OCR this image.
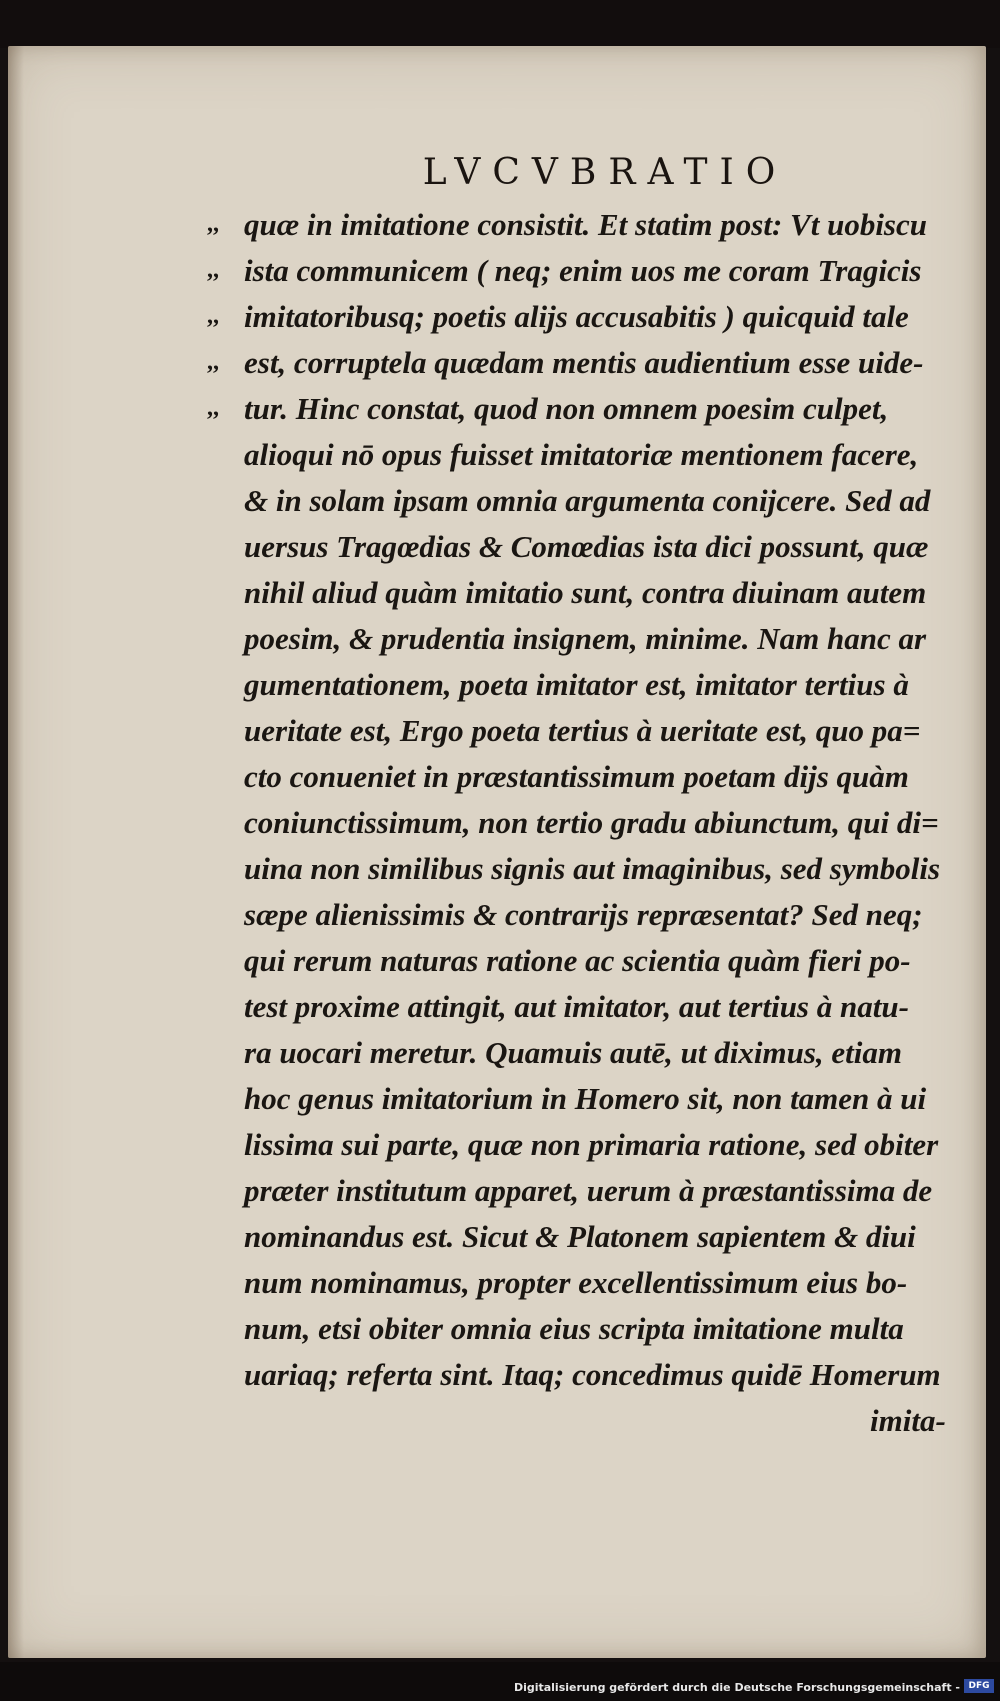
LVCVBRATIO
,,
,,
,,
,,
,,
quæ in imitatione consistit. Et statim post: Vt uobiscu
ista communicem ( neq; enim uos me coram Tragicis
imitatoribusq; poetis alijs accusabitis ) quicquid tale
est, corruptela quædam mentis audientium esse uide-
tur. Hinc constat, quod non omnem poesim culpet,
alioqui nō opus fuisset imitatoriæ mentionem facere,
& in solam ipsam omnia argumenta conijcere. Sed ad
uersus Tragœdias & Comœdias ista dici possunt, quæ
nihil aliud quàm imitatio sunt, contra diuinam autem
poesim, & prudentia insignem, minime. Nam hanc ar
gumentationem, poeta imitator est, imitator tertius à
ueritate est, Ergo poeta tertius à ueritate est, quo pa=
cto conueniet in præstantissimum poetam dijs quàm
coniunctissimum, non tertio gradu abiunctum, qui di=
uina non similibus signis aut imaginibus, sed symbolis
sæpe alienissimis & contrarijs repræsentat? Sed neq;
qui rerum naturas ratione ac scientia quàm fieri po-
test proxime attingit, aut imitator, aut tertius à natu-
ra uocari meretur. Quamuis autē, ut diximus, etiam
hoc genus imitatorium in Homero sit, non tamen à ui
lissima sui parte, quæ non primaria ratione, sed obiter
præter institutum apparet, uerum à præstantissima de
nominandus est. Sicut & Platonem sapientem & diui
num nominamus, propter excellentissimum eius bo-
num, etsi obiter omnia eius scripta imitatione multa
uariaq; referta sint. Itaq; concedimus quidē Homerum
imita-
Digitalisierung gefördert durch die Deutsche Forschungsgemeinschaft - DFG
